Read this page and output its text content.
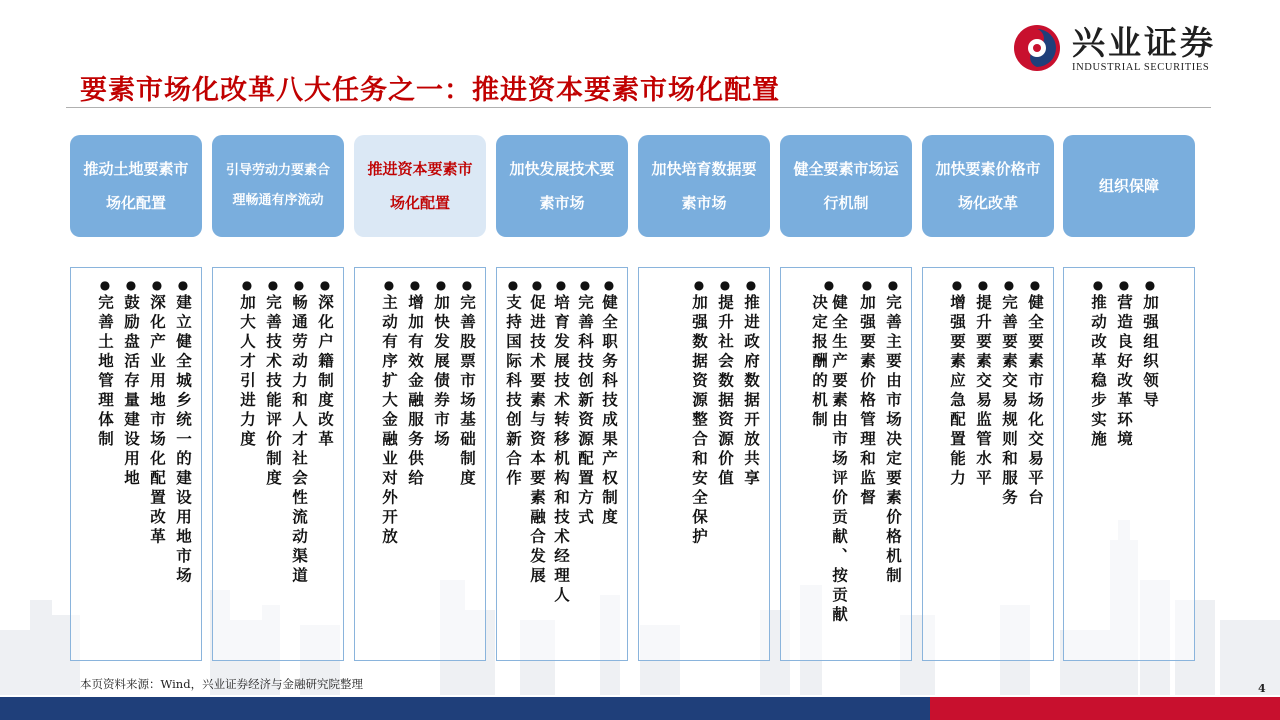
兴业证券
INDUSTRIAL SECURITIES
要素市场化改革八大任务之一：推进资本要素市场化配置
推动土地要素市场化配置
引导劳动力要素合理畅通有序流动
推进资本要素市场化配置
加快发展技术要素市场
加快培育数据要素市场
健全要素市场运行机制
加快要素价格市场化改革
组织保障
●
建立健全城乡统一的建设用地市场
●
深化产业用地市场化配置改革
●
鼓励盘活存量建设用地
●
完善土地管理体制
●
深化户籍制度改革
●
畅通劳动力和人才社会性流动渠道
●
完善技术技能评价制度
●
加大人才引进力度
●
完善股票市场基础制度
●
加快发展债券市场
●
增加有效金融服务供给
●
主动有序扩大金融业对外开放
●
健全职务科技成果产权制度
●
完善科技创新资源配置方式
●
培育发展技术转移机构和技术经理人
●
促进技术要素与资本要素融合发展
●
支持国际科技创新合作
●
推进政府数据开放共享
●
提升社会数据资源价值
●
加强数据资源整合和安全保护
●
完善主要由市场决定要素价格机制
●
加强要素价格管理和监督
●
健全生产要素由市场评价贡献、按贡献决定报酬的机制
●
健全要素市场化交易平台
●
完善要素交易规则和服务
●
提升要素交易监管水平
●
增强要素应急配置能力
●
加强组织领导
●
营造良好改革环境
●
推动改革稳步实施
本页资料来源：Wind，兴业证券经济与金融研究院整理	4
